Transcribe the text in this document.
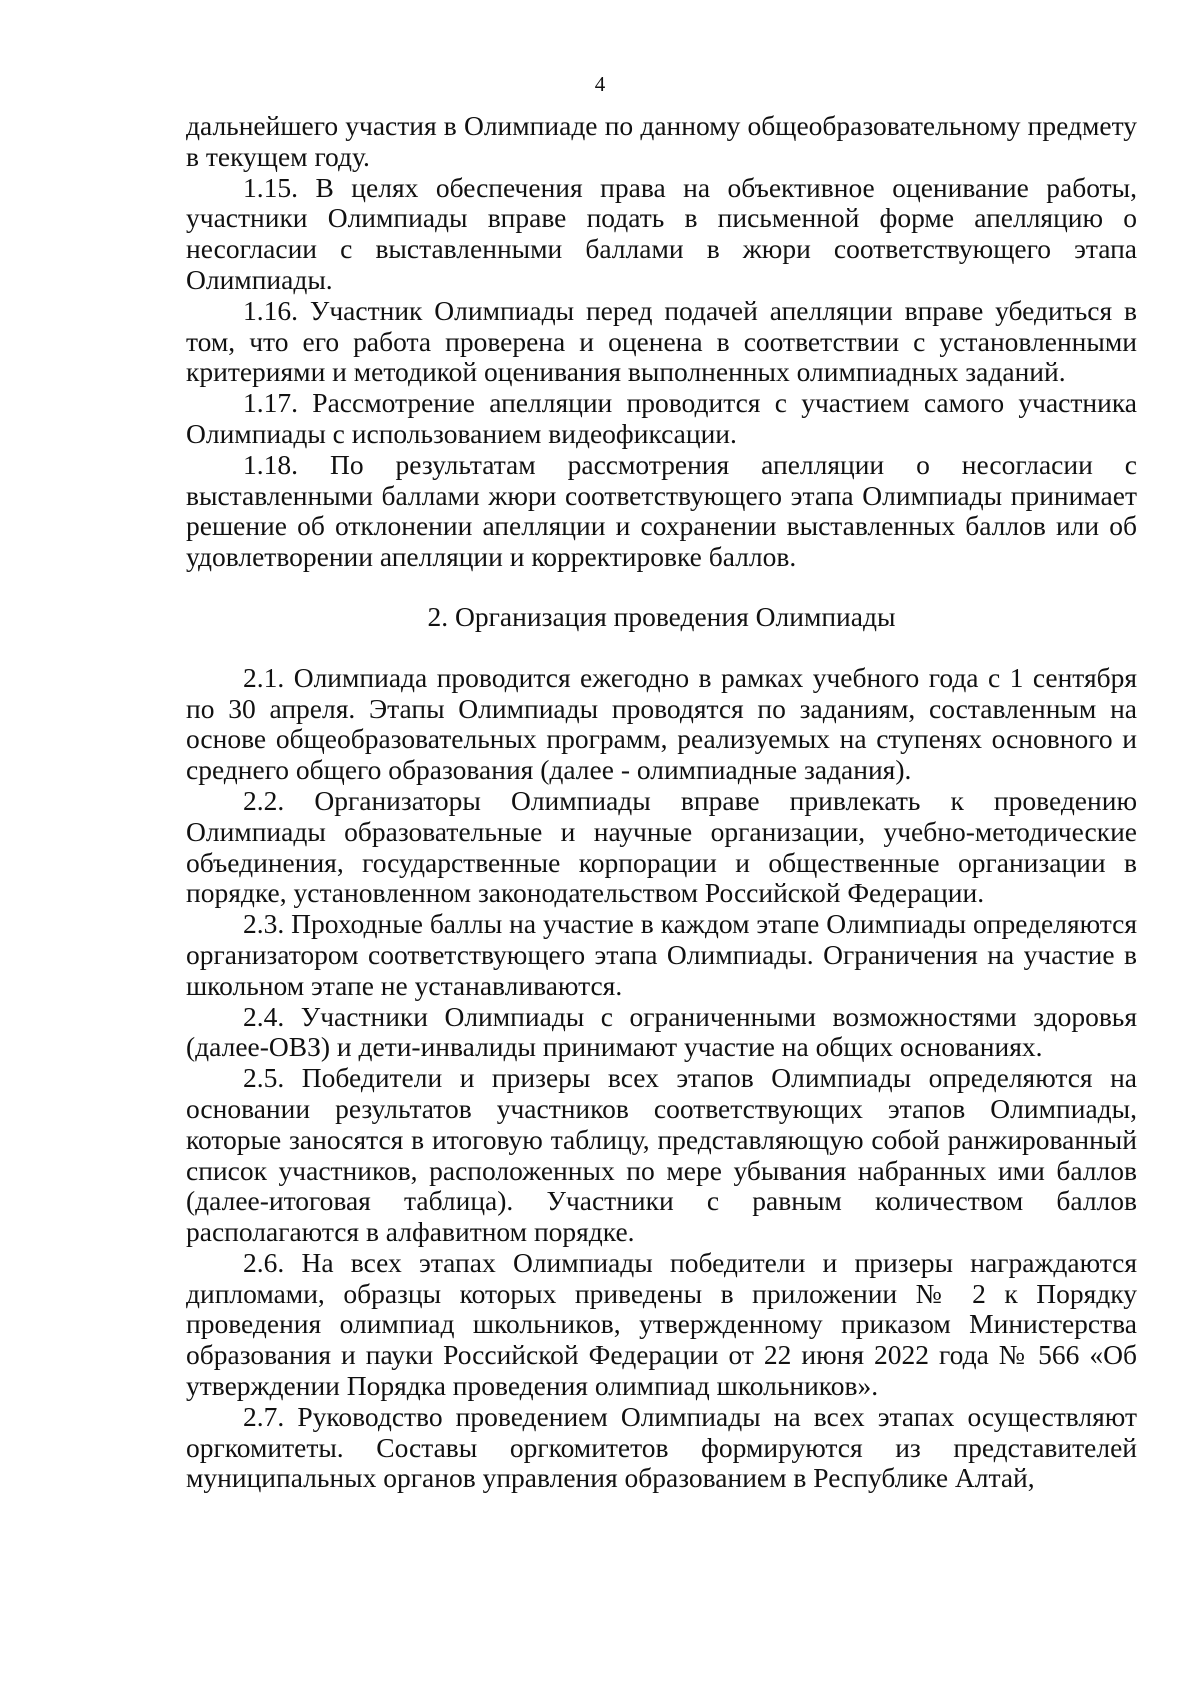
4

дальнейшего участия в Олимпиаде по данному общеобразовательному предмету в текущем году.

1.15. В целях обеспечения права на объективное оценивание работы, участники Олимпиады вправе подать в письменной форме апелляцию о несогласии с выставленными баллами в жюри соответствующего этапа Олимпиады.

1.16. Участник Олимпиады перед подачей апелляции вправе убедиться в том, что его работа проверена и оценена в соответствии с установленными критериями и методикой оценивания выполненных олимпиадных заданий.

1.17. Рассмотрение апелляции проводится с участием самого участника Олимпиады с использованием видеофиксации.

1.18. По результатам рассмотрения апелляции о несогласии с выставленными баллами жюри соответствующего этапа Олимпиады принимает решение об отклонении апелляции и сохранении выставленных баллов или об удовлетворении апелляции и корректировке баллов.

2. Организация проведения Олимпиады

2.1. Олимпиада проводится ежегодно в рамках учебного года с 1 сентября по 30 апреля. Этапы Олимпиады проводятся по заданиям, составленным на основе общеобразовательных программ, реализуемых на ступенях основного и среднего общего образования (далее - олимпиадные задания).

2.2. Организаторы Олимпиады вправе привлекать к проведению Олимпиады образовательные и научные организации, учебно-методические объединения, государственные корпорации и общественные организации в порядке, установленном законодательством Российской Федерации.

2.3. Проходные баллы на участие в каждом этапе Олимпиады определяются организатором соответствующего этапа Олимпиады. Ограничения на участие в школьном этапе не устанавливаются.

2.4. Участники Олимпиады с ограниченными возможностями здоровья (далее-ОВЗ) и дети-инвалиды принимают участие на общих основаниях.

2.5. Победители и призеры всех этапов Олимпиады определяются на основании результатов участников соответствующих этапов Олимпиады, которые заносятся в итоговую таблицу, представляющую собой ранжированный список участников, расположенных по мере убывания набранных ими баллов (далее-итоговая таблица). Участники с равным количеством баллов располагаются в алфавитном порядке.

2.6. На всех этапах Олимпиады победители и призеры награждаются дипломами, образцы которых приведены в приложении № 2 к Порядку проведения олимпиад школьников, утвержденному приказом Министерства образования и пауки Российской Федерации от 22 июня 2022 года № 566 «Об утверждении Порядка проведения олимпиад школьников».

2.7. Руководство проведением Олимпиады на всех этапах осуществляют оргкомитеты. Составы оргкомитетов формируются из представителей муниципальных органов управления образованием в Республике Алтай,
